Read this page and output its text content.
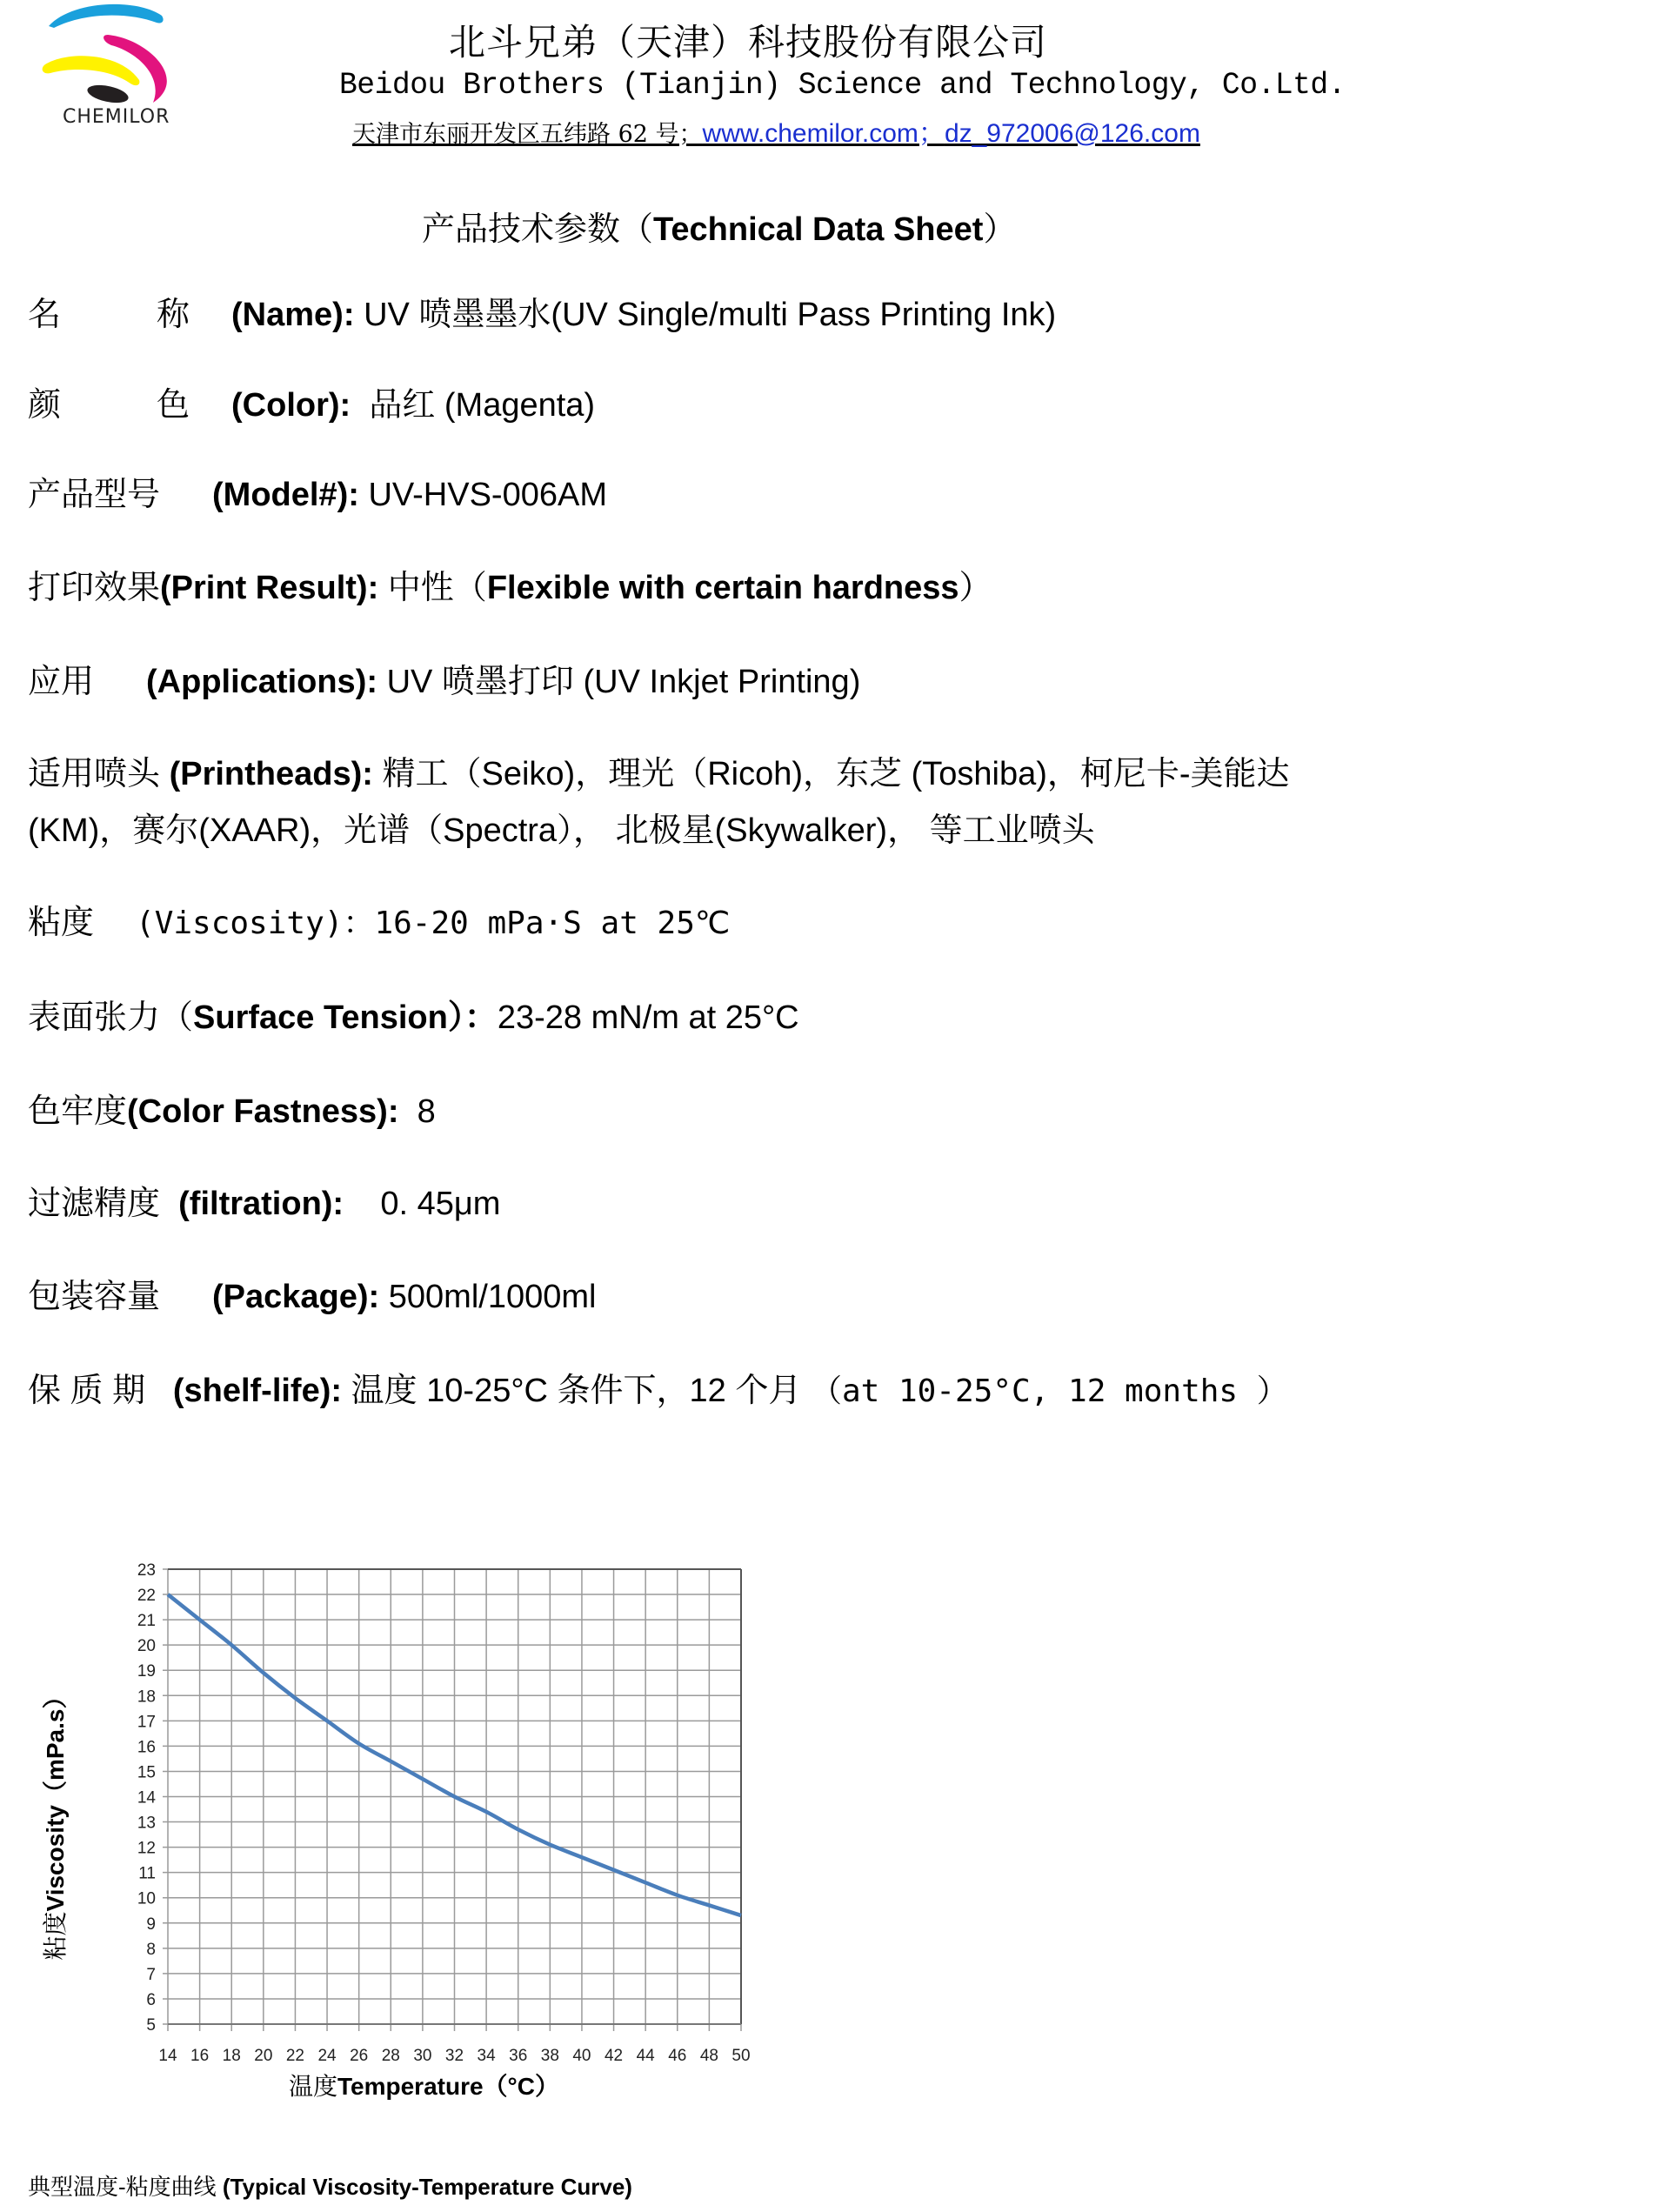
CHEMILOR
北斗兄弟（天津）科技股份有限公司
Beidou Brothers (Tianjin) Science and Technology, Co.Ltd.
天津市东丽开发区五纬路 62 号；www.chemilor.com；dz_972006@126.com
产品技术参数（Technical Data Sheet）
名	称 (Name): UV 喷墨墨水(UV Single/multi Pass Printing Ink)
颜	色 (Color): 品红 (Magenta)
产品型号 (Model#): UV-HVS-006AM
打印效果(Print Result): 中性（Flexible with certain hardness）
应用 (Applications): UV 喷墨打印 (UV Inkjet Printing)
适用喷头 (Printheads): 精工（Seiko)，理光（Ricoh)，东芝 (Toshiba)，柯尼卡-美能达
(KM)，赛尔(XAAR)，光谱（Spectra）， 北极星(Skywalker)， 等工业喷头
粘度 (Viscosity)：16-20 mPa·S at 25℃
表面张力（Surface Tension）：23-28 mN/m at 25°C
色牢度(Color Fastness): 8
过滤精度 (filtration): 0. 45μm
包装容量 (Package): 500ml/1000ml
保 质 期 (shelf-life): 温度 10-25°C 条件下，12 个月 （at 10-25°C, 12 months ）
5
6
7
8
9
10
11
12
13
14
15
16
17
18
19
20
21
22
23
14 16 18 20 22 24 26 28 30 32 34 36 38 40 42 44 46 48 50
粘度Viscosity（mPa.s）
温度Temperature（°C）
典型温度-粘度曲线 (Typical Viscosity-Temperature Curve)
